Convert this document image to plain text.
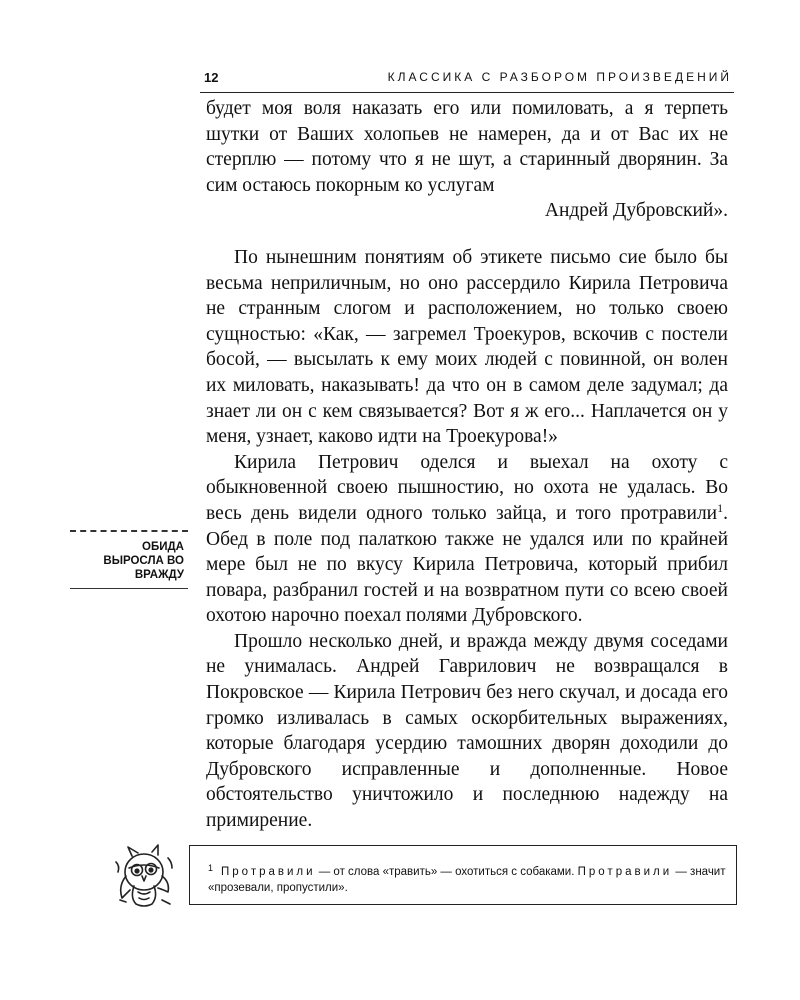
12	КЛАССИКА С РАЗБОРОМ ПРОИЗВЕДЕНИЙ

будет моя воля наказать его или помиловать, а я терпеть шутки от Ваших холопьев не намерен, да и от Вас их не стерплю — потому что я не шут, а старинный дворянин. За сим остаюсь покорным ко услугам

Андрей Дубровский».

По нынешним понятиям об этикете письмо сие было бы весьма неприличным, но оно рассердило Кирила Петровича не странным слогом и расположением, но только своею сущностью: «Как, — загремел Троекуров, вскочив с постели босой, — высылать к ему моих людей с повинной, он волен их миловать, наказывать! да что он в самом деле задумал; да знает ли он с кем связывается? Вот я ж его... Наплачется он у меня, узнает, каково идти на Троекурова!»

Кирила Петрович оделся и выехал на охоту с обыкновенной своею пышностию, но охота не удалась. Во весь день видели одного только зайца, и того протравили$^1$. Обед в поле под палаткою также не удался или по крайней мере был не по вкусу Кирила Петровича, который прибил повара, разбранил гостей и на возвратном пути со всею своей охотою нарочно поехал полями Дубровского.

Прошло несколько дней, и вражда между двумя соседами не унималась. Андрей Гаврилович не возвращался в Покровское — Кирила Петрович без него скучал, и досада его громко изливалась в самых оскорбительных выражениях, которые благодаря усердию тамошних дворян доходили до Дубровского исправленные и дополненные. Новое обстоятельство уничтожило и последнюю надежду на примирение.

ОБИДА
ВЫРОСЛА ВО
ВРАЖДУ
$^1$ Протравили — от слова «травить» — охотиться с собаками. Протравили — значит «прозевали, пропустили».
